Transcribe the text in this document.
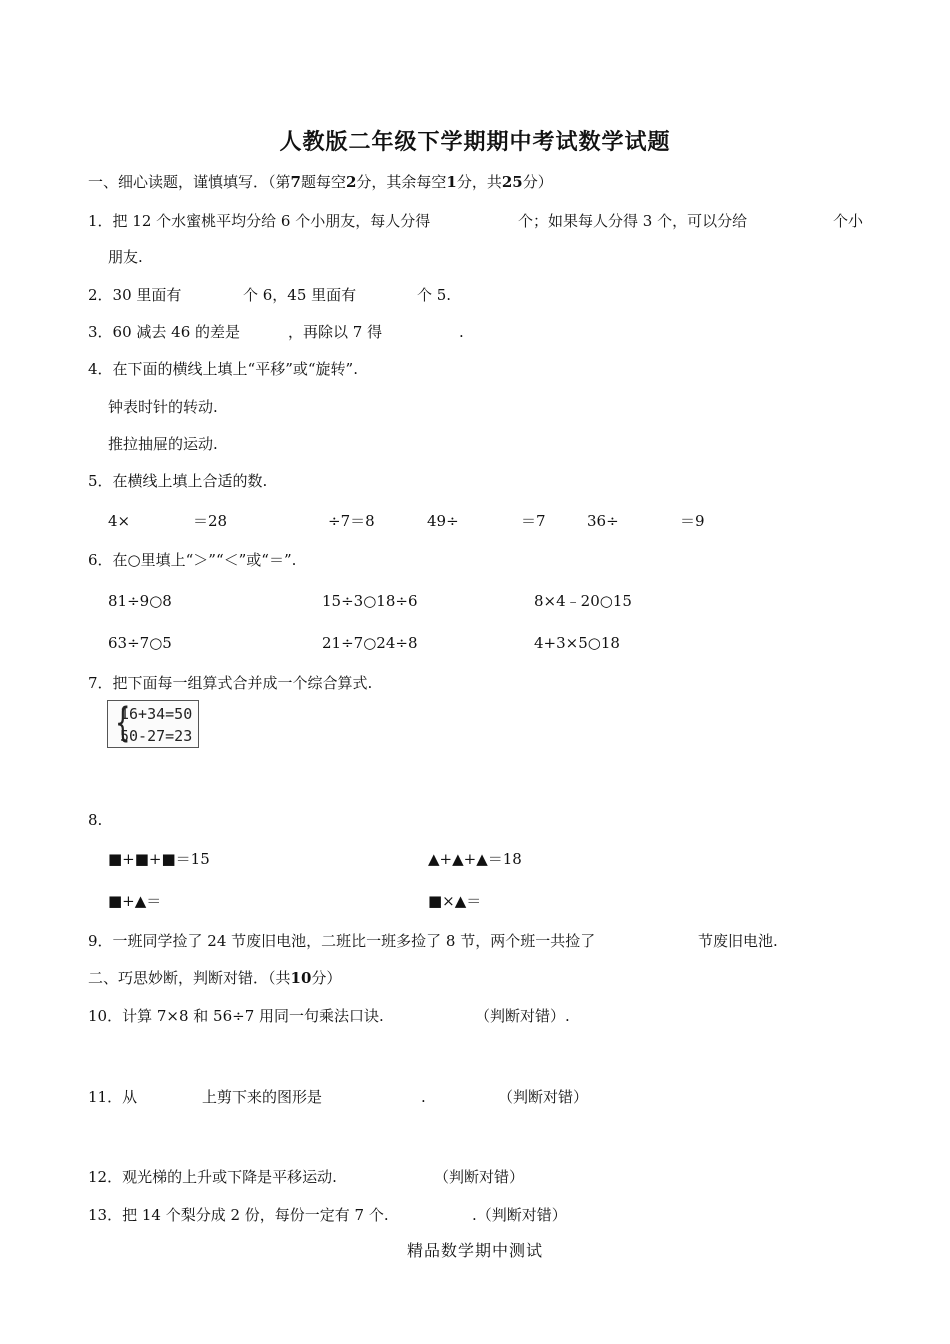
人教版二年级下学期期中考试数学试题
一、细心读题，谨慎填写．（第7题每空2分，其余每空1分，共25分）
1．把 12 个水蜜桃平均分给 6 个小朋友，每人分得	个；如果每人分得 3 个，可以分给	个小
朋友.
2．30 里面有	个 6，45 里面有	个 5.
3．60 减去 46 的差是	，再除以 7 得	.
4．在下面的横线上填上“平移”或“旋转”.
钟表时针的转动.
推拉抽屉的运动.
5．在横线上填上合适的数.
4×	＝28	÷7＝8	49÷	＝7	36÷	＝9
6．在○里填上“＞”“＜”或“＝”.
81÷9○8	15÷3○18÷6	8×4﹣20○15
63÷7○5	21÷7○24÷8	4+3×5○18
7．把下面每一组算式合并成一个综合算式.
{
16+34=50
50-27=23
8.
■+■+■＝15	▲+▲+▲＝18
■+▲＝	■×▲＝
9．一班同学捡了 24 节废旧电池，二班比一班多捡了 8 节，两个班一共捡了	节废旧电池.
二、巧思妙断，判断对错．（共10分）
10．计算 7×8 和 56÷7 用同一句乘法口诀.	（判断对错）.
11．从	上剪下来的图形是	.	（判断对错）
12．观光梯的上升或下降是平移运动.	（判断对错）
13．把 14 个梨分成 2 份，每份一定有 7 个.	.（判断对错）
精品数学期中测试
